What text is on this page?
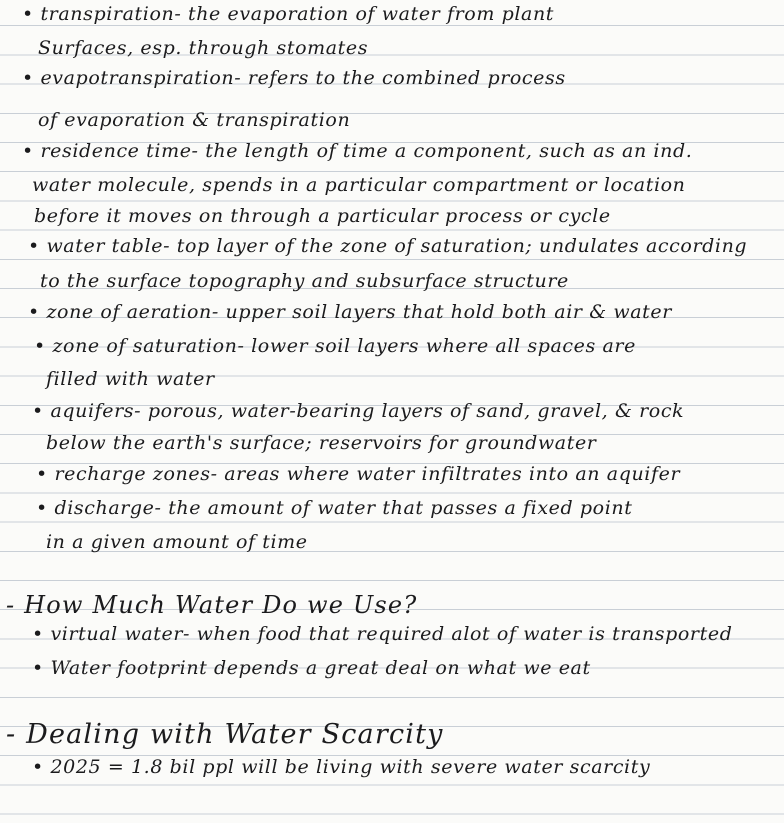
• transpiration- the evaporation of water from plant
Surfaces, esp. through stomates
• evapotranspiration- refers to the combined process
of evaporation & transpiration
• residence time- the length of time a component, such as an ind.
water molecule, spends in a particular compartment or location
before it moves on through a particular process or cycle
• water table- top layer of the zone of saturation; undulates according
to the surface topography and subsurface structure
• zone of aeration- upper soil layers that hold both air & water
• zone of saturation- lower soil layers where all spaces are
filled with water
• aquifers- porous, water-bearing layers of sand, gravel, & rock
below the earth's surface; reservoirs for groundwater
• recharge zones- areas where water infiltrates into an aquifer
• discharge- the amount of water that passes a fixed point
in a given amount of time
- How Much Water Do we Use?
• virtual water- when food that required alot of water is transported
• Water footprint depends a great deal on what we eat
- Dealing with Water Scarcity
• 2025 = 1.8 bil ppl will be living with severe water scarcity
